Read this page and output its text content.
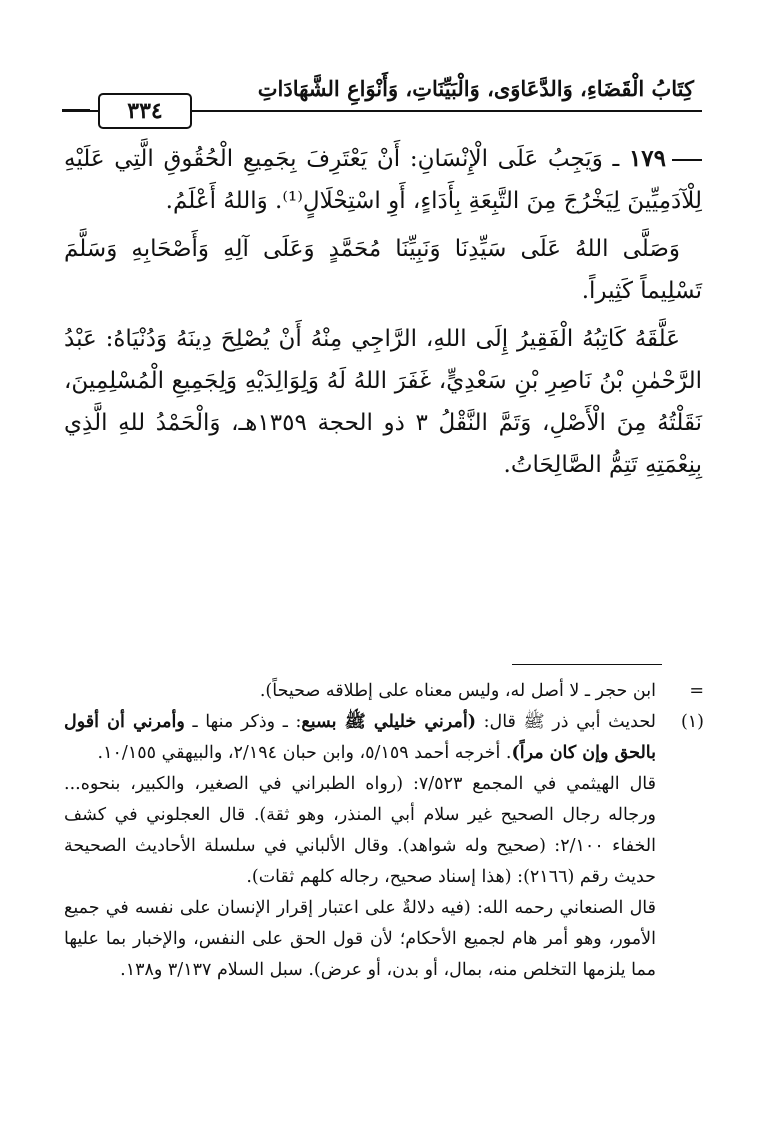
كِتَابُ الْقَضَاءِ، وَالدَّعَاوَى، وَالْبَيِّنَاتِ، وَأَنْوَاعِ الشَّهَادَاتِ
٣٣٤

١٧٩ ـ وَيَجِبُ عَلَى الْإِنْسَانِ: أَنْ يَعْتَرِفَ بِجَمِيعِ الْحُقُوقِ الَّتِي عَلَيْهِ لِلْآدَمِيِّينَ لِيَخْرُجَ مِنَ التَّبِعَةِ بِأَدَاءٍ، أَوِ اسْتِحْلَالٍ⁽¹⁾. وَاللهُ أَعْلَمُ.

وَصَلَّى اللهُ عَلَى سَيِّدِنَا وَنَبِيِّنَا مُحَمَّدٍ وَعَلَى آلِهِ وَأَصْحَابِهِ وَسَلَّمَ تَسْلِيماً كَثِيراً.

عَلَّقَهُ كَاتِبُهُ الْفَقِيرُ إِلَى اللهِ، الرَّاجِي مِنْهُ أَنْ يُصْلِحَ دِينَهُ وَدُنْيَاهُ: عَبْدُ الرَّحْمٰنِ بْنُ نَاصِرِ بْنِ سَعْدِيٍّ، غَفَرَ اللهُ لَهُ وَلِوَالِدَيْهِ وَلِجَمِيعِ الْمُسْلِمِينَ، نَقَلْتُهُ مِنَ الْأَصْلِ، وَتَمَّ النَّقْلُ ٣ ذو الحجة ١٣٥٩هـ، وَالْحَمْدُ للهِ الَّذِي بِنِعْمَتِهِ تَتِمُّ الصَّالِحَاتُ.

=
ابن حجر ـ لا أصل له، وليس معناه على إطلاقه صحيحاً).
(١)
لحديث أبي ذر ﷺ قال: (أمرني خليلي ﷺ بسبع: ـ وذكر منها ـ وأمرني أن أقول بالحق وإن كان مراً). أخرجه أحمد ٥/١٥٩، وابن حبان ٢/١٩٤، والبيهقي ١٠/١٥٥.

قال الهيثمي في المجمع ٧/٥٢٣: (رواه الطبراني في الصغير، والكبير، بنحوه... ورجاله رجال الصحيح غير سلام أبي المنذر، وهو ثقة). قال العجلوني في كشف الخفاء ٢/١٠٠: (صحيح وله شواهد). وقال الألباني في سلسلة الأحاديث الصحيحة حديث رقم (٢١٦٦): (هذا إسناد صحيح، رجاله كلهم ثقات).

قال الصنعاني رحمه الله: (فيه دلالةٌ على اعتبار إقرار الإنسان على نفسه في جميع الأمور، وهو أمر هام لجميع الأحكام؛ لأن قول الحق على النفس، والإخبار بما عليها مما يلزمها التخلص منه، بمال، أو بدن، أو عرض). سبل السلام ٣/١٣٧ و١٣٨.
